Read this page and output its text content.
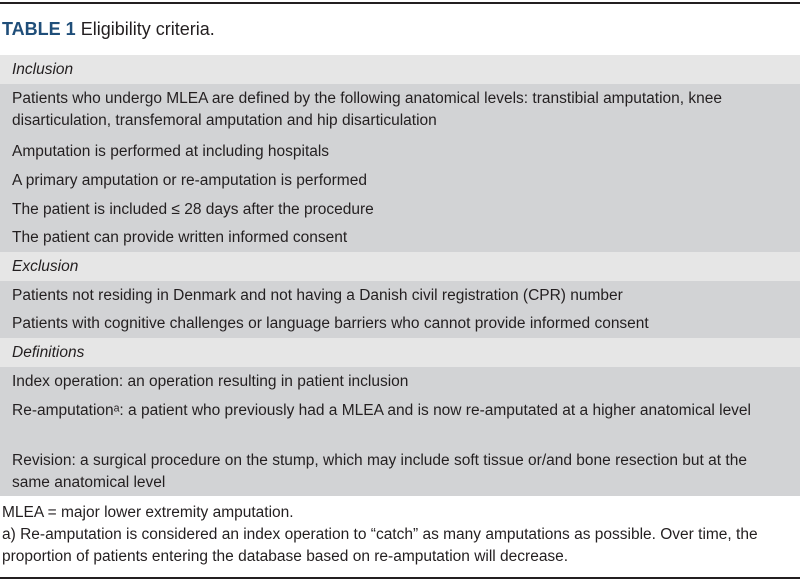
TABLE 1 Eligibility criteria.
Inclusion
Patients who undergo MLEA are defined by the following anatomical levels: transtibial amputation, knee disarticulation, transfemoral amputation and hip disarticulation
Amputation is performed at including hospitals
A primary amputation or re-amputation is performed
The patient is included ≤ 28 days after the procedure
The patient can provide written informed consent
Exclusion
Patients not residing in Denmark and not having a Danish civil registration (CPR) number
Patients with cognitive challenges or language barriers who cannot provide informed consent
Definitions
Index operation: an operation resulting in patient inclusion
Re-amputationᵃ: a patient who previously had a MLEA and is now re-amputated at a higher anatomical level
Revision: a surgical procedure on the stump, which may include soft tissue or/and bone resection but at the same anatomical level
MLEA = major lower extremity amputation.
a) Re-amputation is considered an index operation to “catch” as many amputations as possible. Over time, the proportion of patients entering the database based on re-amputation will decrease.
